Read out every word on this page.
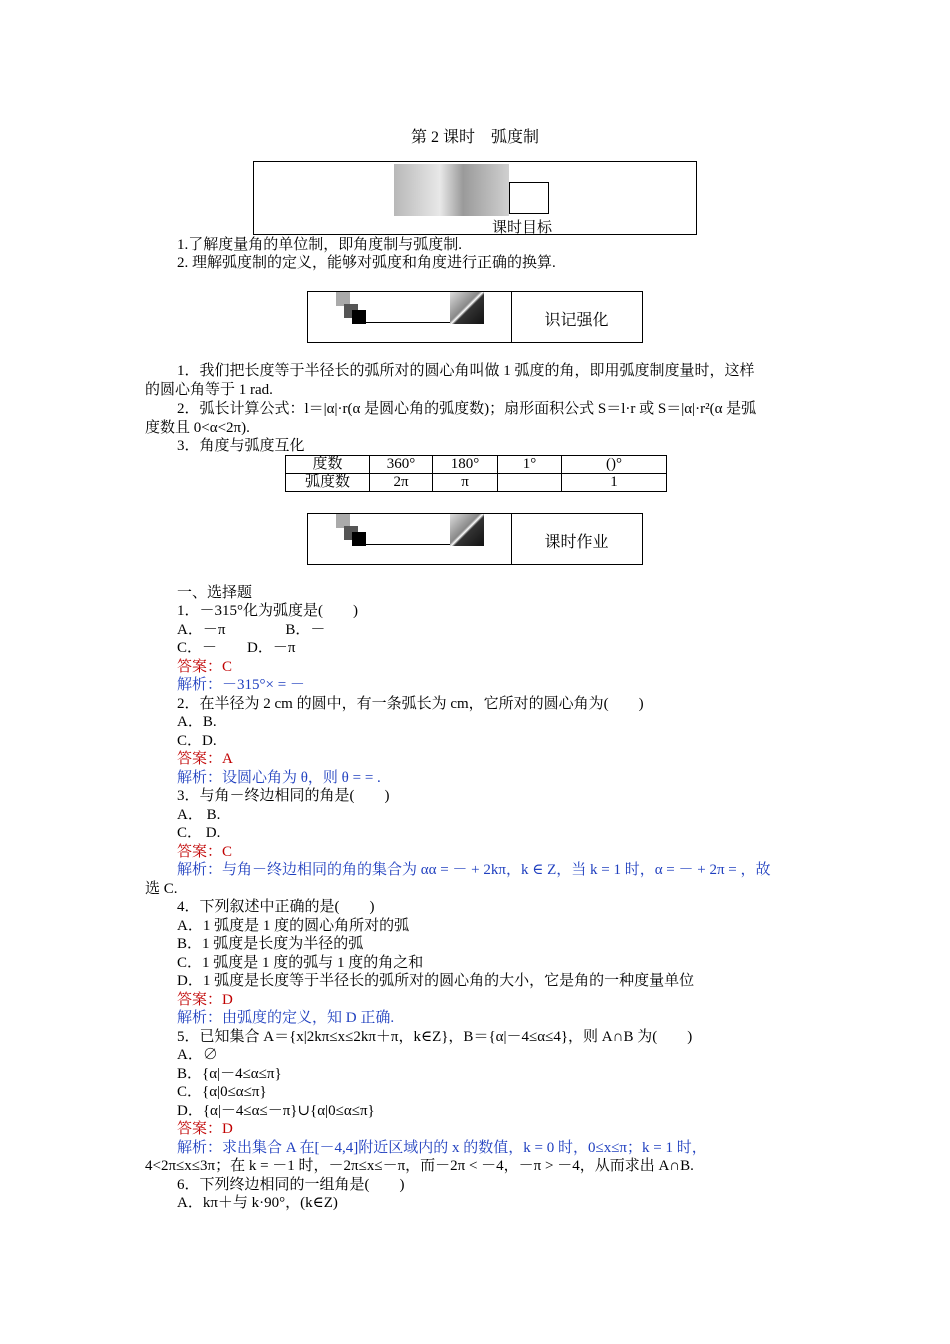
第 2 课时　弧度制
课时目标
1.了解度量角的单位制，即角度制与弧度制.
2. 理解弧度制的定义，能够对弧度和角度进行正确的换算.
识记强化
1．我们把长度等于半径长的弧所对的圆心角叫做 1 弧度的角，即用弧度制度量时，这样
的圆心角等于 1 rad.
2．弧长计算公式：l＝|α|·r(α 是圆心角的弧度数)；扇形面积公式 S＝l·r 或 S＝|α|·r²(α 是弧
度数且 0<α<2π).
3．角度与弧度互化
度数	360°	180°	1°	()°
弧度数	2π	π		1
课时作业
一、选择题
1．－315°化为弧度是(　　)
A．－π　　　　B．－
C．－　　D．－π
答案：C
解析：－315°× = －
2．在半径为 2 cm 的圆中，有一条弧长为 cm，它所对的圆心角为(　　)
A．B.
C．D.
答案：A
解析：设圆心角为 θ，则 θ = = .
3．与角－终边相同的角是(　　)
A． B.
C． D.
答案：C
解析：与角－终边相同的角的集合为 αα = － + 2kπ，k ∈ Z，当 k = 1 时，α = － + 2π = ，故
选 C.
4．下列叙述中正确的是(　　)
A．1 弧度是 1 度的圆心角所对的弧
B．1 弧度是长度为半径的弧
C．1 弧度是 1 度的弧与 1 度的角之和
D．1 弧度是长度等于半径长的弧所对的圆心角的大小，它是角的一种度量单位
答案：D
解析：由弧度的定义，知 D 正确.
5．已知集合 A＝{x|2kπ≤x≤2kπ＋π，k∈Z}，B＝{α|－4≤α≤4}，则 A∩B 为(　　)
A．∅
B．{α|－4≤α≤π}
C．{α|0≤α≤π}
D．{α|－4≤α≤－π}∪{α|0≤α≤π}
答案：D
解析：求出集合 A 在[－4,4]附近区域内的 x 的数值，k = 0 时，0≤x≤π；k = 1 时，
4<2π≤x≤3π；在 k = －1 时，－2π≤x≤－π，而－2π < －4，－π > －4，从而求出 A∩B.
6．下列终边相同的一组角是(　　)
A．kπ＋与 k·90°，(k∈Z)
